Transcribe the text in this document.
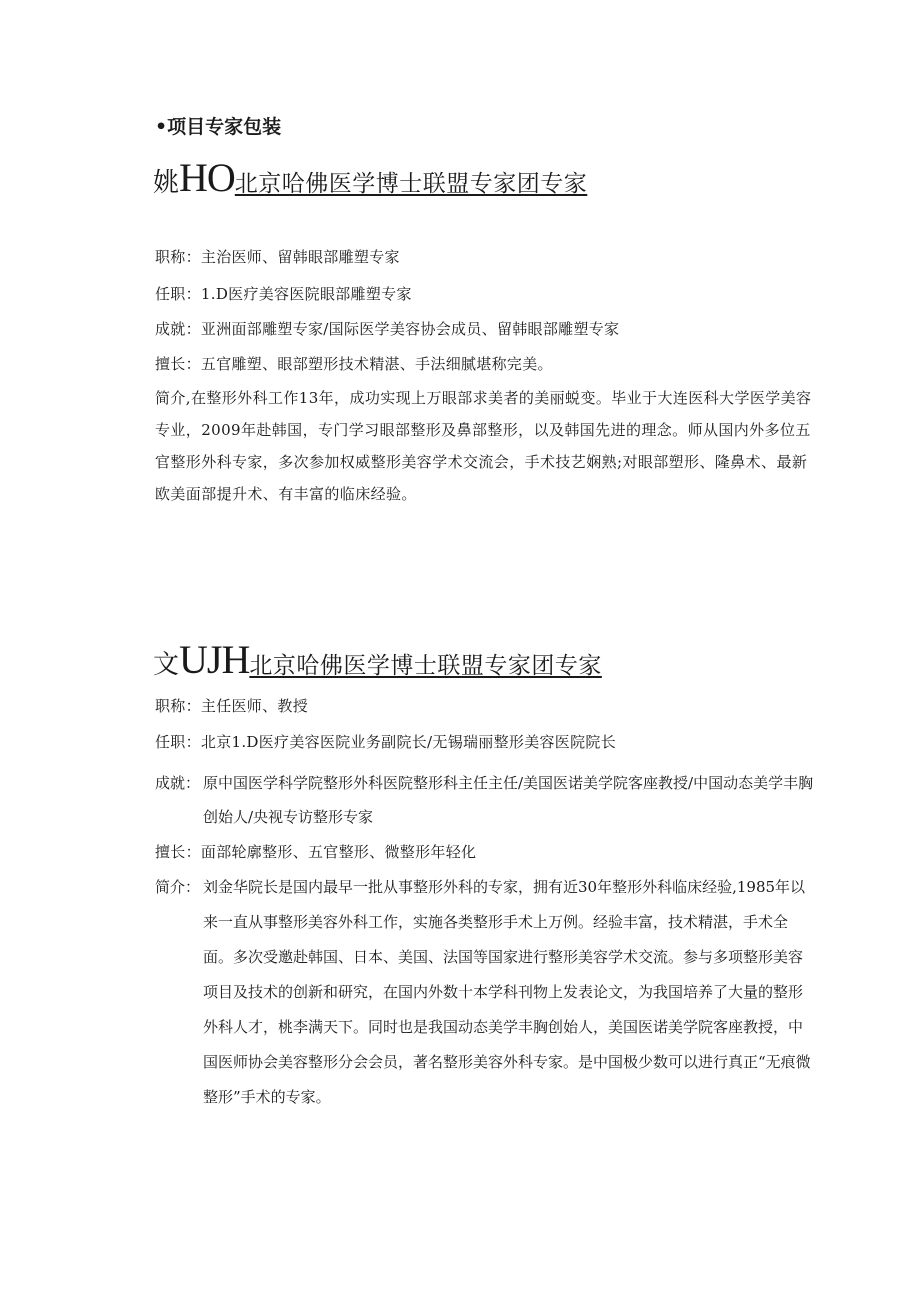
•项目专家包装
姚HO北京哈佛医学博士联盟专家团专家
职称：主治医师、留韩眼部雕塑专家
任职：1.D医疗美容医院眼部雕塑专家
成就：亚洲面部雕塑专家/国际医学美容协会成员、留韩眼部雕塑专家
擅长：五官雕塑、眼部塑形技术精湛、手法细腻堪称完美。
简介,在整形外科工作13年，成功实现上万眼部求美者的美丽蜕变。毕业于大连医科大学医学美容专业，2009年赴韩国，专门学习眼部整形及鼻部整形，以及韩国先进的理念。师从国内外多位五官整形外科专家，多次参加权威整形美容学术交流会，手术技艺娴熟;对眼部塑形、隆鼻术、最新欧美面部提升术、有丰富的临床经验。
文UJH北京哈佛医学博士联盟专家团专家
职称：主任医师、教授
任职：北京1.D医疗美容医院业务副院长/无锡瑞丽整形美容医院院长
成就： 原中国医学科学院整形外科医院整形科主任主任/美国医诺美学院客座教授/中国动态美学丰胸创始人/央视专访整形专家
擅长：面部轮廓整形、五官整形、微整形年轻化
简介： 刘金华院长是国内最早一批从事整形外科的专家，拥有近30年整形外科临床经验,1985年以来一直从事整形美容外科工作，实施各类整形手术上万例。经验丰富，技术精湛，手术全面。多次受邀赴韩国、日本、美国、法国等国家进行整形美容学术交流。参与多项整形美容项目及技术的创新和研究，在国内外数十本学科刊物上发表论文，为我国培养了大量的整形外科人才，桃李满天下。同时也是我国动态美学丰胸创始人，美国医诺美学院客座教授，中国医师协会美容整形分会会员，著名整形美容外科专家。是中国极少数可以进行真正“无痕微整形”手术的专家。
